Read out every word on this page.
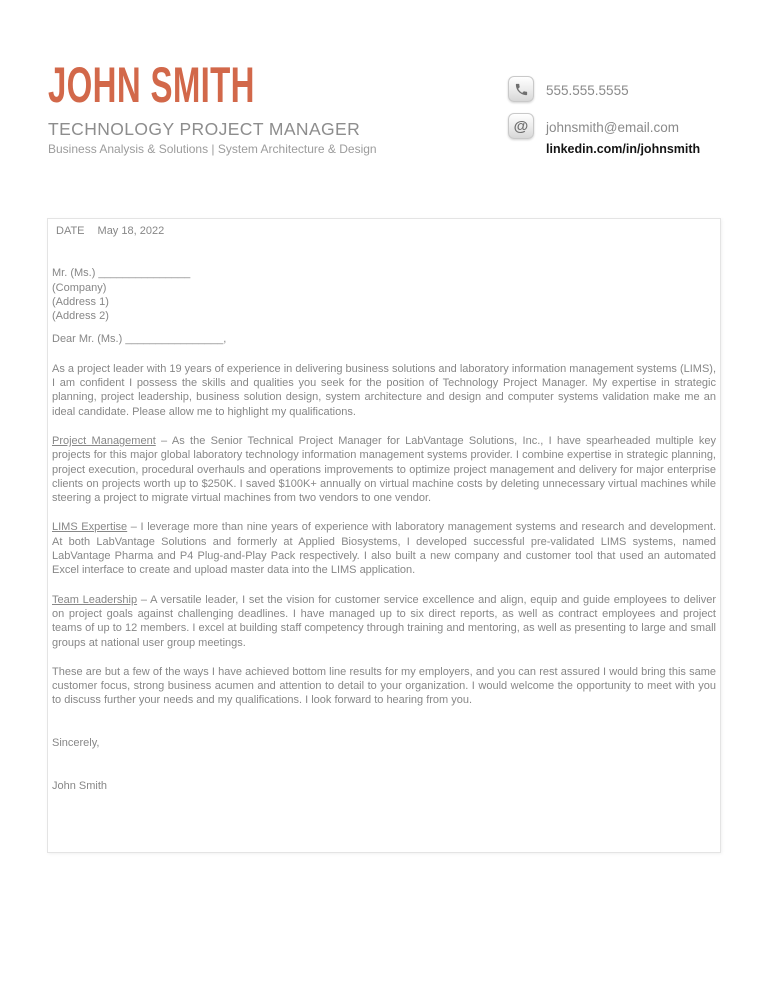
JOHN SMITH
TECHNOLOGY PROJECT MANAGER
Business Analysis & Solutions | System Architecture & Design
555.555.5555
@	johnsmith@email.com
linkedin.com/in/johnsmith
DATE May 18, 2022
Mr. (Ms.) _______________
(Company)
(Address 1)
(Address 2)
Dear Mr. (Ms.) ________________,

As a project leader with 19 years of experience in delivering business solutions and laboratory information management systems (LIMS), I am confident I possess the skills and qualities you seek for the position of Technology Project Manager. My expertise in strategic planning, project leadership, business solution design, system architecture and design and computer systems validation make me an ideal candidate. Please allow me to highlight my qualifications.

Project Management – As the Senior Technical Project Manager for LabVantage Solutions, Inc., I have spearheaded multiple key projects for this major global laboratory technology information management systems provider. I combine expertise in strategic planning, project execution, procedural overhauls and operations improvements to optimize project management and delivery for major enterprise clients on projects worth up to $250K. I saved $100K+ annually on virtual machine costs by deleting unnecessary virtual machines while steering a project to migrate virtual machines from two vendors to one vendor.

LIMS Expertise – I leverage more than nine years of experience with laboratory management systems and research and development. At both LabVantage Solutions and formerly at Applied Biosystems, I developed successful pre-validated LIMS systems, named LabVantage Pharma and P4 Plug-and-Play Pack respectively. I also built a new company and customer tool that used an automated Excel interface to create and upload master data into the LIMS application.

Team Leadership – A versatile leader, I set the vision for customer service excellence and align, equip and guide employees to deliver on project goals against challenging deadlines. I have managed up to six direct reports, as well as contract employees and project teams of up to 12 members. I excel at building staff competency through training and mentoring, as well as presenting to large and small groups at national user group meetings.

These are but a few of the ways I have achieved bottom line results for my employers, and you can rest assured I would bring this same customer focus, strong business acumen and attention to detail to your organization. I would welcome the opportunity to meet with you to discuss further your needs and my qualifications. I look forward to hearing from you.

Sincerely,
John Smith
